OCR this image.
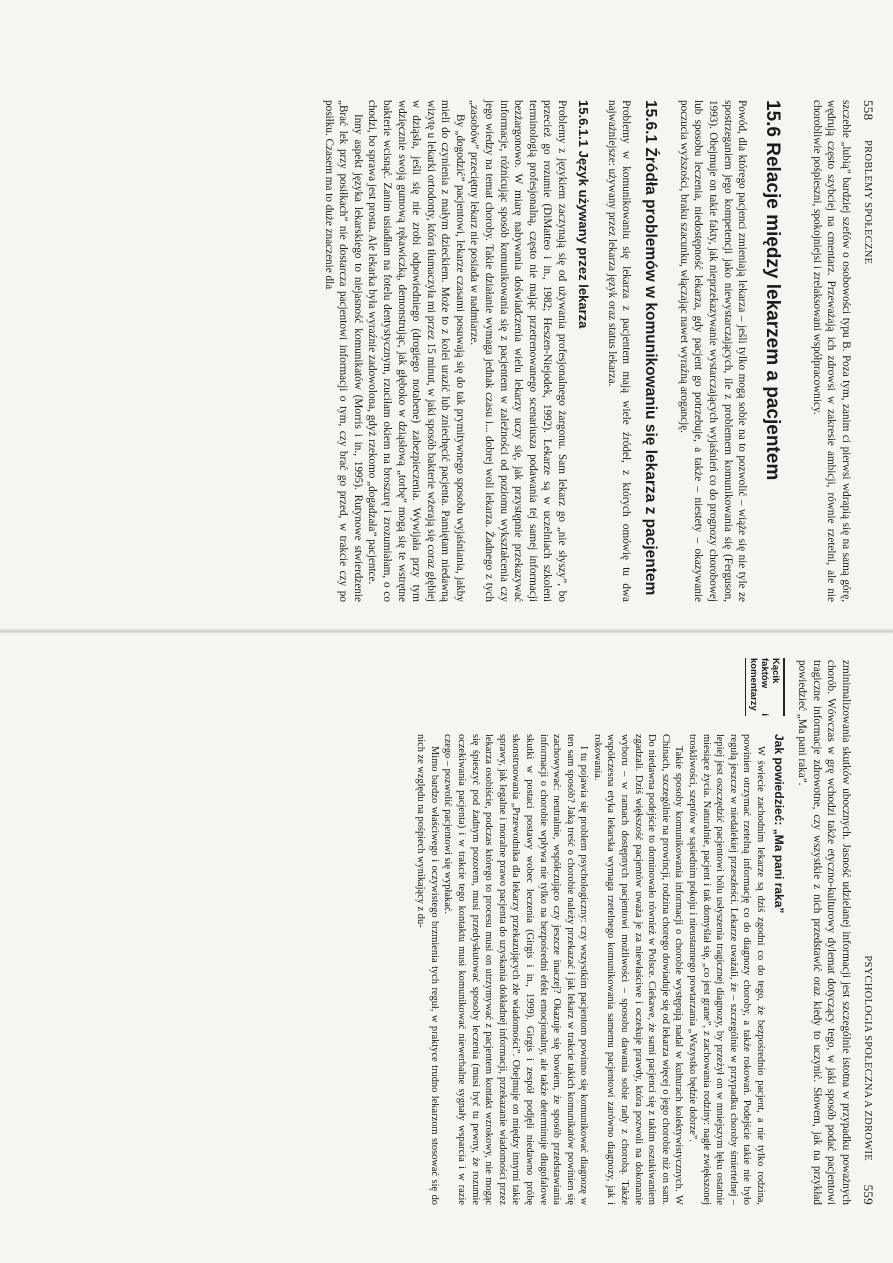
558
PROBLEMY SPOŁECZNE

szczeble „lubią” bardziej szefów o osobowości typu B. Poza tym, zanim ci pierwsi wdrapią się na samą górę, wędrują często szybciej na cmentarz. Przeważają ich zdrowsi w zakresie ambicji, równie rzetelni, ale nie chorobliwie pośpieszni, spokojniejsi i zrelaksowani współpracownicy.

15.6 Relacje między lekarzem a pacjentem

Powód, dla którego pacjenci zmieniają lekarza – jeśli tylko mogą sobie na to pozwolić – wiąże się nie tyle ze spostrzeganiem jego kompetencji jako niewystarczających, ile z problemem komunikowania się (Ferguson, 1993). Obejmuje on takie fakty, jak nieprzekazywanie wystarczających wyjaśnień co do prognozy chorobowej lub sposobu leczenia, niedostępność lekarza, gdy pacjent go potrzebuje, a także – niestety – okazywanie poczucia wyższości, braku szacunku, włączając nawet wyraźną arogancję.

15.6.1 Źródła problemów w komunikowaniu się lekarza z pacjentem

Problemy w komunikowaniu się lekarza z pacjentem mają wiele źródeł, z których omówię tu dwa najważniejsze: używany przez lekarza język oraz status lekarza.

15.6.1.1 Język używany przez lekarza

Problemy z językiem zaczynają się od używania profesjonalnego żargonu. Sam lekarz go „nie słyszy”, bo przecież go rozumie (DiMatteo i in., 1982; Heszen-Niejodek, 1992). Lekarze są w uczelniach szkoleni terminologią profesjonalną, często nie mając przetrenowanego scenariusza podawania tej samej informacji bezżargonowo. W miarę nabywania doświadczenia wielu lekarzy uczy się, jak przystępnie przekazywać informacje, różnicując sposób komunikowania się z pacjentem w zależności od poziomu wykształcenia czy jego wiedzy na temat choroby. Takie działanie wymaga jednak czasu i... dobrej woli lekarza. Żadnego z tych „zasobów” przeciętny lekarz nie posiada w nadmiarze.

By „dogodzić” pacjentowi, lekarze czasami posuwają się do tak prymitywnego sposobu wyjaśniania, jakby mieli do czynienia z małym dzieckiem. Może to z kolei urazić lub zniechęcić pacjenta. Pamiętam niedawną wizytę u lekarki ortodonty, która tłumaczyła mi przez 15 minut, w jaki sposób bakterie wżerają się coraz głębiej w dziąsła, jeśli się nie zrobi odpowiedniego (drogiego notabene) zabezpieczenia. Wywijała przy tym wdzięcznie swoją gumową rękawiczką, demonstrując, jak głęboko w dziąsłową „torbę” mogą się te wstrętne bakterie wcisnąć. Zanim usiadłam na fotelu dentystycznym, rzuciłam okiem na broszurę i zrozumiałam, o co chodzi, bo sprawa jest prosta. Ale lekarka była wyraźnie zadowolona, gdyż rzekomo „dogadzała” pacjentce.

Inny aspekt języka lekarskiego to niejasność komunikatów (Morris i in., 1995). Rutynowe stwierdzenie „Brać lek przy posiłkach” nie dostarcza pacjentowi informacji o tym, czy brać go przed, w trakcie czy po posiłku. Czasem ma to duże znaczenie dla

PSYCHOLOGIA SPOŁECZNA A ZDROWIE
559

zminimalizowania skutków ubocznych. Jasność udzielanej informacji jest szczególnie istotna w przypadku poważnych chorób. Wówczas w grę wchodzi także etyczno-kulturowy dylemat dotyczący tego, w jaki sposób podać pacjentowi tragiczne informacje zdrowotne, czy wszystkie z nich przedstawić oraz kiedy to uczynić. Słowem, jak na przykład powiedzieć „Ma pani raka”.

Kącik faktów i komentarzy
Jak powiedzieć: „Ma pani raka”

W świecie zachodnim lekarze są dziś zgodni co do tego, że bezpośrednio pacjent, a nie tylko rodzina, powinien otrzymać rzetelną informację co do diagnozy choroby, a także rokowań. Podejście takie nie było regułą jeszcze w niedalekiej przeszłości. Lekarze uważali, że – szczególnie w przypadku choroby śmiertelnej – lepiej jest oszczędzić pacjentowi bólu usłyszenia tragicznej diagnozy, by przeżył on w mniejszym lęku ostatnie miesiące życia. Naturalnie, pacjent i tak domyślał się, „co jest grane”, z zachowania rodziny: nagłe zwiększonej troskliwości, szeptów w sąsiednim pokoju i nieustannego powtarzania „Wszystko będzie dobrze”.

Takie sposoby komunikowania informacji o chorobie występują nadal w kulturach kolektywistycznych. W Chinach, szczególnie na prowincji, rodzina chorego dowiaduje się od lekarza więcej o jego chorobie niż on sam. Do niedawna podejście to dominowało również w Polsce. Ciekawe, że sami pacjenci się z takim oszukiwaniem zgadzali. Dziś większość pacjentów uważa je za niewłaściwe i oczekuje prawdy, która pozwoli na dokonanie wyboru – w ramach dostępnych pacjentowi możliwości – sposobu dawania sobie rady z chorobą. Także współczesna etyka lekarska wymaga rzetelnego komunikowania samemu pacjentowi zarówno diagnozy, jak i rokowania.

I tu pojawia się problem psychologiczny: czy wszystkim pacjentom powinno się komunikować diagnozę w ten sam sposób? Jaką treść o chorobie należy przekazać i jak lekarz w trakcie takich komunikatów powinien się zachowywać: neutralnie, współczująco czy jeszcze inaczej? Okazuje się bowiem, że sposób przedstawiania informacji o chorobie wpływa nie tylko na bezpośredni efekt emocjonalny, ale także determinuje długofalowe skutki w postaci postawy wobec leczenia (Girgis i in., 1999). Girgis i zespół podjęli niedawno próbę skonstruowania „Przewodnika dla lekarzy przekazujących złe wiadomości”. Obejmuje on między innymi takie sprawy, jak legalne i moralne prawo pacjenta do uzyskania dokładnej informacji, przekazanie wiadomości przez lekarza osobiście, podczas którego to procesu musi on utrzymywać z pacjentem kontakt wzrokowy, nie mogąc się śpieszyć pod żadnym pozorem, musi przedyskutować sposoby leczenia (musi być tu pewny, że rozumie oczekiwania pacjenta) i w trakcie tego kontaktu musi komunikować niewerbalne sygnały wsparcia i w razie czego – pozwolić pacjentowi się wypłakać.

Mimo bardzo właściwego i oczywistego brzmienia tych reguł, w praktyce trudno lekarzom stosować się do nich ze względu na pośpiech wynikający z du-
